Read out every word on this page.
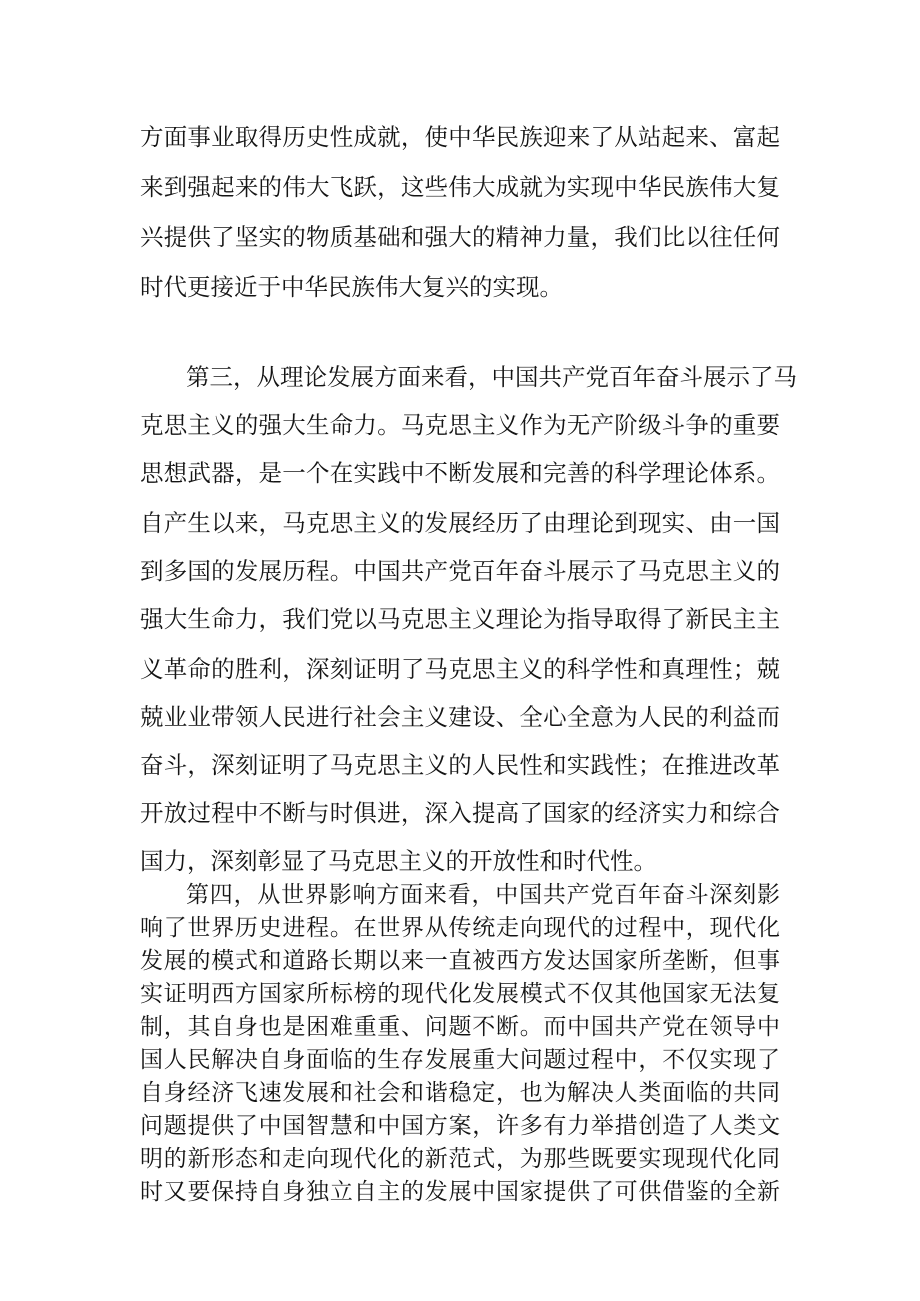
方面事业取得历史性成就，使中华民族迎来了从站起来、富起
来到强起来的伟大飞跃，这些伟大成就为实现中华民族伟大复
兴提供了坚实的物质基础和强大的精神力量，我们比以往任何
时代更接近于中华民族伟大复兴的实现。
第三，从理论发展方面来看，中国共产党百年奋斗展示了马
克思主义的强大生命力。马克思主义作为无产阶级斗争的重要
思想武器，是一个在实践中不断发展和完善的科学理论体系。
自产生以来，马克思主义的发展经历了由理论到现实、由一国
到多国的发展历程。中国共产党百年奋斗展示了马克思主义的
强大生命力，我们党以马克思主义理论为指导取得了新民主主
义革命的胜利，深刻证明了马克思主义的科学性和真理性；兢
兢业业带领人民进行社会主义建设、全心全意为人民的利益而
奋斗，深刻证明了马克思主义的人民性和实践性；在推进改革
开放过程中不断与时俱进，深入提高了国家的经济实力和综合
国力，深刻彰显了马克思主义的开放性和时代性。
第四，从世界影响方面来看，中国共产党百年奋斗深刻影
响了世界历史进程。在世界从传统走向现代的过程中，现代化
发展的模式和道路长期以来一直被西方发达国家所垄断，但事
实证明西方国家所标榜的现代化发展模式不仅其他国家无法复
制，其自身也是困难重重、问题不断。而中国共产党在领导中
国人民解决自身面临的生存发展重大问题过程中，不仅实现了
自身经济飞速发展和社会和谐稳定，也为解决人类面临的共同
问题提供了中国智慧和中国方案，许多有力举措创造了人类文
明的新形态和走向现代化的新范式，为那些既要实现现代化同
时又要保持自身独立自主的发展中国家提供了可供借鉴的全新
